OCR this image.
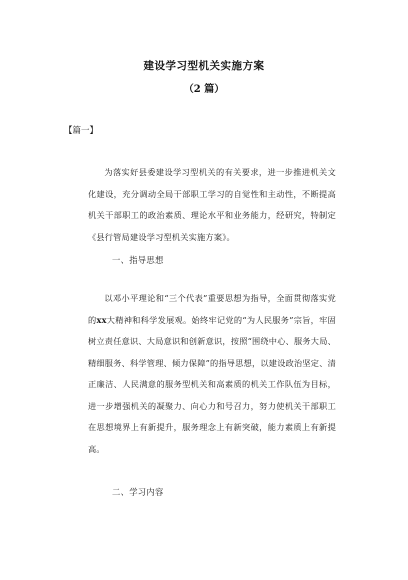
建设学习型机关实施方案
（2 篇）
【篇一】
为落实好县委建设学习型机关的有关要求，进一步推进机关文化建设，充分调动全局干部职工学习的自觉性和主动性，不断提高机关干部职工的政治素质、理论水平和业务能力，经研究，特制定《县行管局建设学习型机关实施方案》。
一、指导思想
以邓小平理论和“三个代表”重要思想为指导，全面贯彻落实党的xx大精神和科学发展观。始终牢记党的“为人民服务”宗旨，牢固树立责任意识、大局意识和创新意识，按照“围绕中心、服务大局、精细服务、科学管理、倾力保障”的指导思想，以建设政治坚定、清正廉洁、人民满意的服务型机关和高素质的机关工作队伍为目标，进一步增强机关的凝聚力、向心力和号召力，努力使机关干部职工在思想境界上有新提升，服务理念上有新突破，能力素质上有新提高。
二、学习内容
